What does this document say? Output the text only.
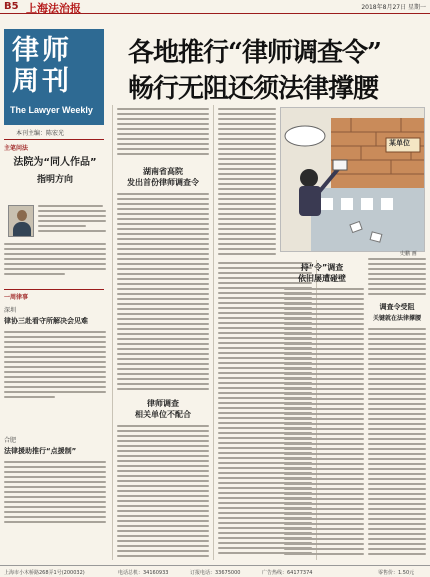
B5 上海法治报	2018年8月27日 星期一
律师
周刊
The Lawyer Weekly
本刊主编：陈宏光
主笔问法
法院为“同人作品”
指明方向
一周律事
深圳
律协三赴看守所解决会见难
合肥
法律援助推行“点援制”
各地推行“律师调查令”
畅行无阻还须法律撑腰
湖南省高院
发出首份律师调查令
律师调查
相关单位不配合
某单位
史鹏 画
持“令”调查
依旧屡遭碰壁
调查令受阻
关键就在法律撑腰
上海市小木桥路268弄1号(200032)	电话总机：34160933	订报电话：33675000	广告热线：64177374	零售价：1.50元
